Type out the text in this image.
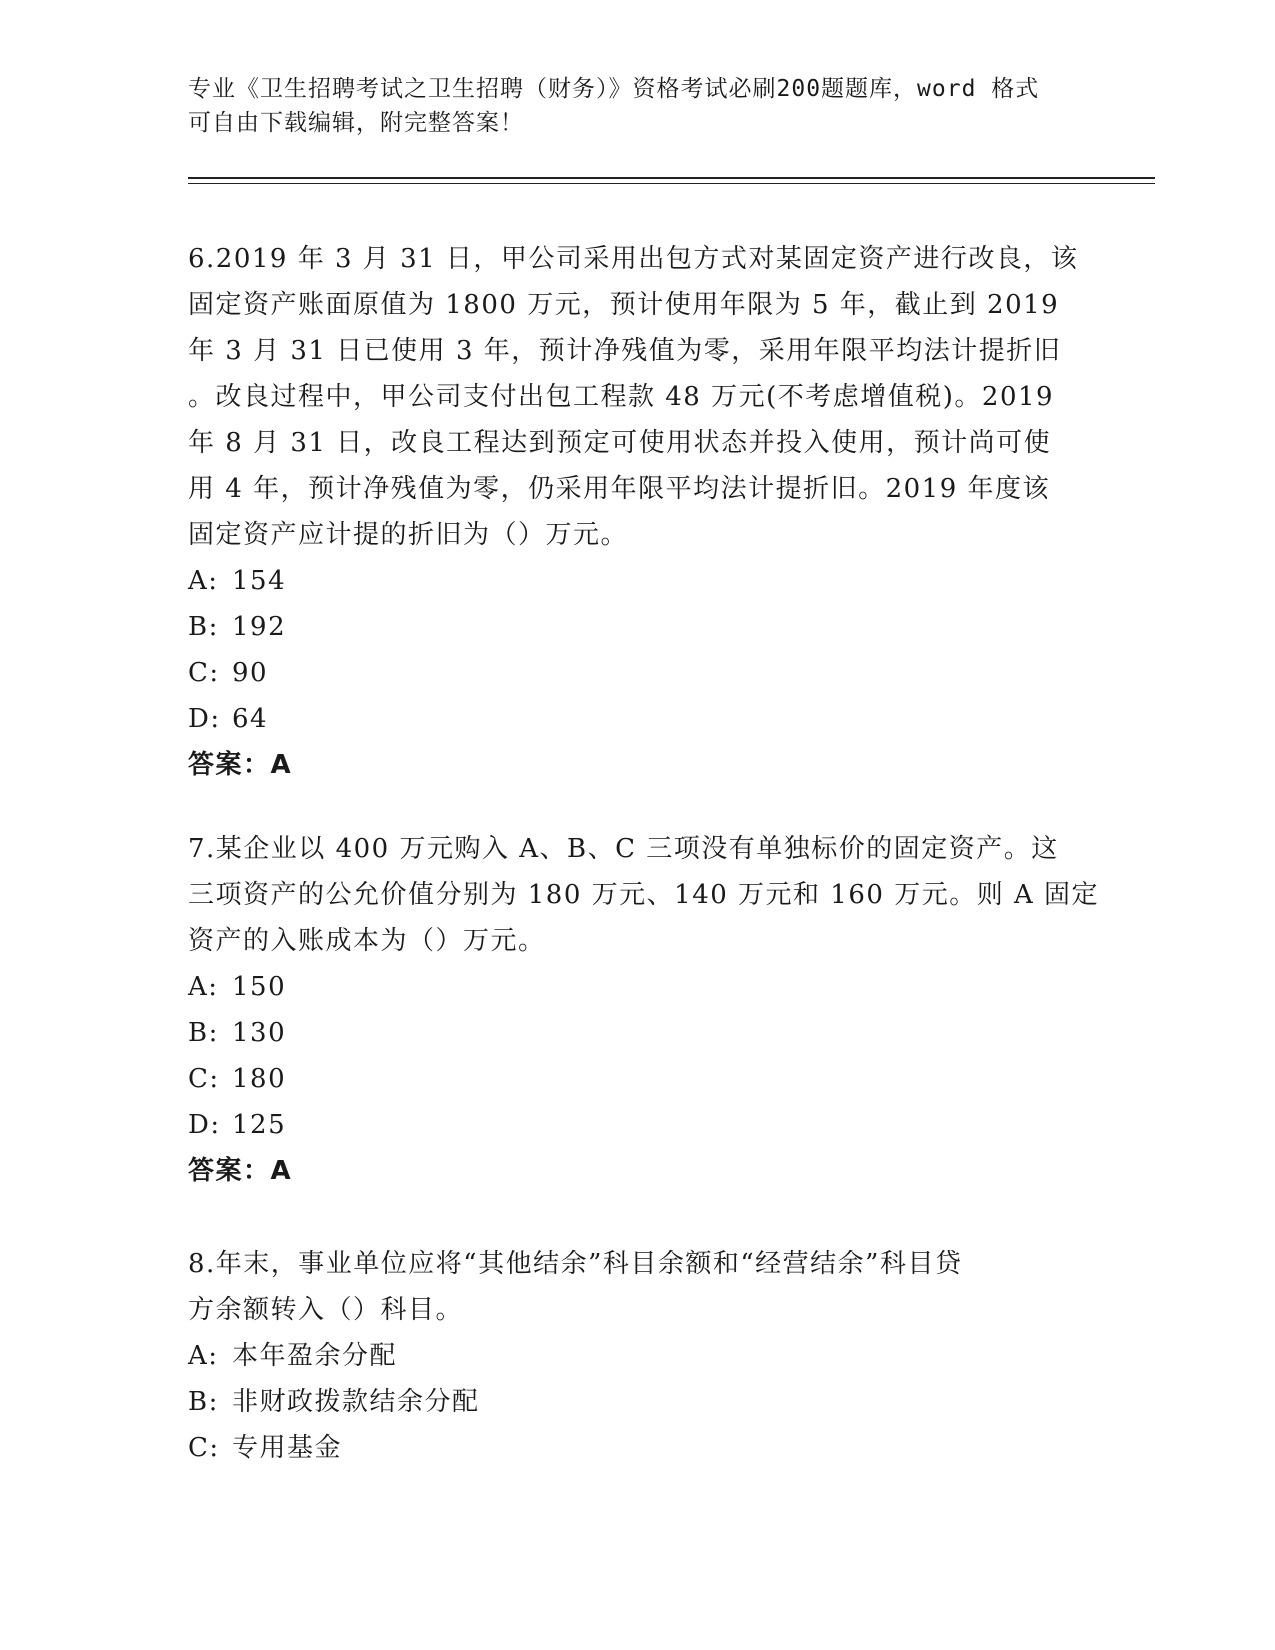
专业《卫生招聘考试之卫生招聘（财务）》资格考试必刷200题题库，word 格式
可自由下载编辑，附完整答案！
6.2019 年 3 月 31 日，甲公司采用出包方式对某固定资产进行改良，该
固定资产账面原值为 1800 万元，预计使用年限为 5 年，截止到 2019
年 3 月 31 日已使用 3 年，预计净残值为零，采用年限平均法计提折旧
。改良过程中，甲公司支付出包工程款 48 万元(不考虑增值税)。2019
年 8 月 31 日，改良工程达到预定可使用状态并投入使用，预计尚可使
用 4 年，预计净残值为零，仍采用年限平均法计提折旧。2019 年度该
固定资产应计提的折旧为（）万元。
A: 154
B: 192
C: 90
D: 64
答案：A
7.某企业以 400 万元购入 A、B、C 三项没有单独标价的固定资产。这
三项资产的公允价值分别为 180 万元、140 万元和 160 万元。则 A 固定
资产的入账成本为（）万元。
A: 150
B: 130
C: 180
D: 125
答案：A
8.年末，事业单位应将“其他结余”科目余额和“经营结余”科目贷
方余额转入（）科目。
A: 本年盈余分配
B: 非财政拨款结余分配
C: 专用基金
